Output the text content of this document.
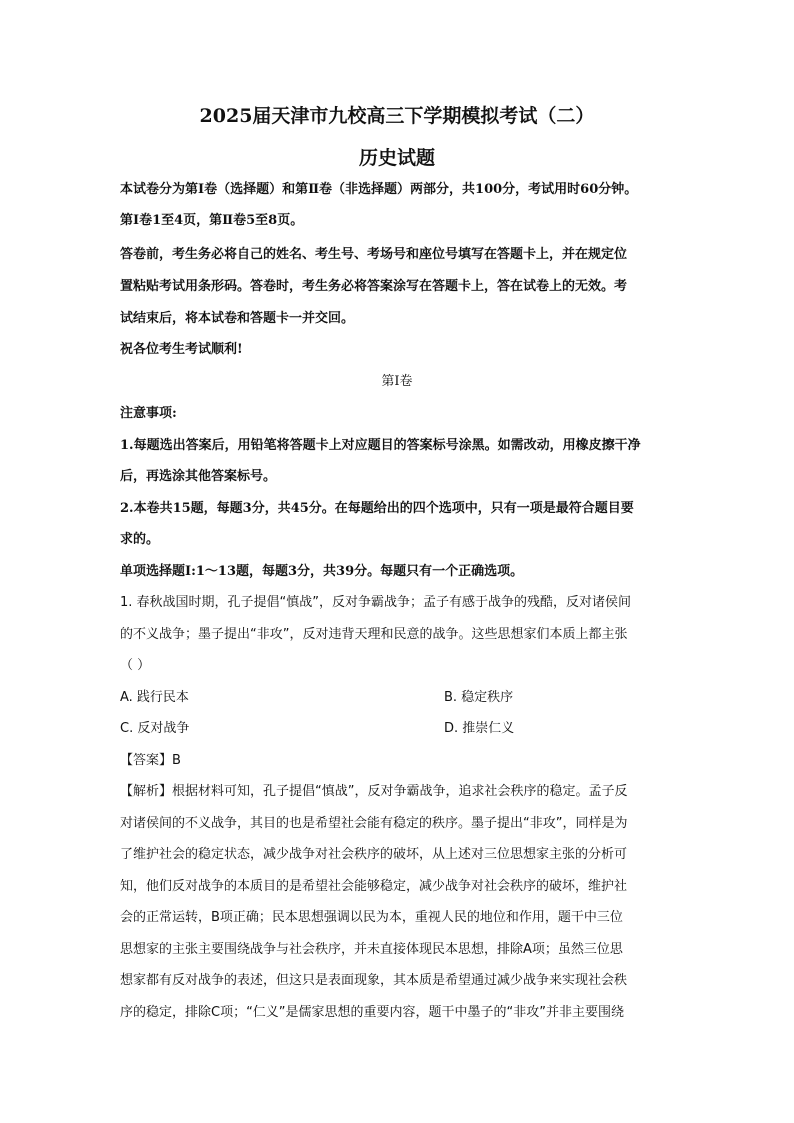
2025届天津市九校高三下学期模拟考试（二）
历史试题
本试卷分为第Ⅰ卷（选择题）和第Ⅱ卷（非选择题）两部分，共100分，考试用时60分钟。
第Ⅰ卷1至4页，第Ⅱ卷5至8页。
答卷前，考生务必将自己的姓名、考生号、考场号和座位号填写在答题卡上，并在规定位
置粘贴考试用条形码。答卷时，考生务必将答案涂写在答题卡上，答在试卷上的无效。考
试结束后，将本试卷和答题卡一并交回。
祝各位考生考试顺利!
第Ⅰ卷
注意事项:
1.每题选出答案后，用铅笔将答题卡上对应题目的答案标号涂黑。如需改动，用橡皮擦干净
后，再选涂其他答案标号。
2.本卷共15题，每题3分，共45分。在每题给出的四个选项中，只有一项是最符合题目要
求的。
单项选择题Ⅰ:1～13题，每题3分，共39分。每题只有一个正确选项。
1. 春秋战国时期，孔子提倡“慎战”，反对争霸战争；孟子有感于战争的残酷，反对诸侯间
的不义战争；墨子提出“非攻”，反对违背天理和民意的战争。这些思想家们本质上都主张
（ ）
A. 践行民本	B. 稳定秩序
C. 反对战争	D. 推崇仁义
【答案】B
【解析】根据材料可知，孔子提倡“慎战”，反对争霸战争，追求社会秩序的稳定。孟子反
对诸侯间的不义战争，其目的也是希望社会能有稳定的秩序。墨子提出“非攻”，同样是为
了维护社会的稳定状态，减少战争对社会秩序的破坏，从上述对三位思想家主张的分析可
知，他们反对战争的本质目的是希望社会能够稳定，减少战争对社会秩序的破坏，维护社
会的正常运转，B项正确；民本思想强调以民为本，重视人民的地位和作用，题干中三位
思想家的主张主要围绕战争与社会秩序，并未直接体现民本思想，排除A项；虽然三位思
想家都有反对战争的表述，但这只是表面现象，其本质是希望通过减少战争来实现社会秩
序的稳定，排除C项；“仁义”是儒家思想的重要内容，题干中墨子的“非攻”并非主要围绕
